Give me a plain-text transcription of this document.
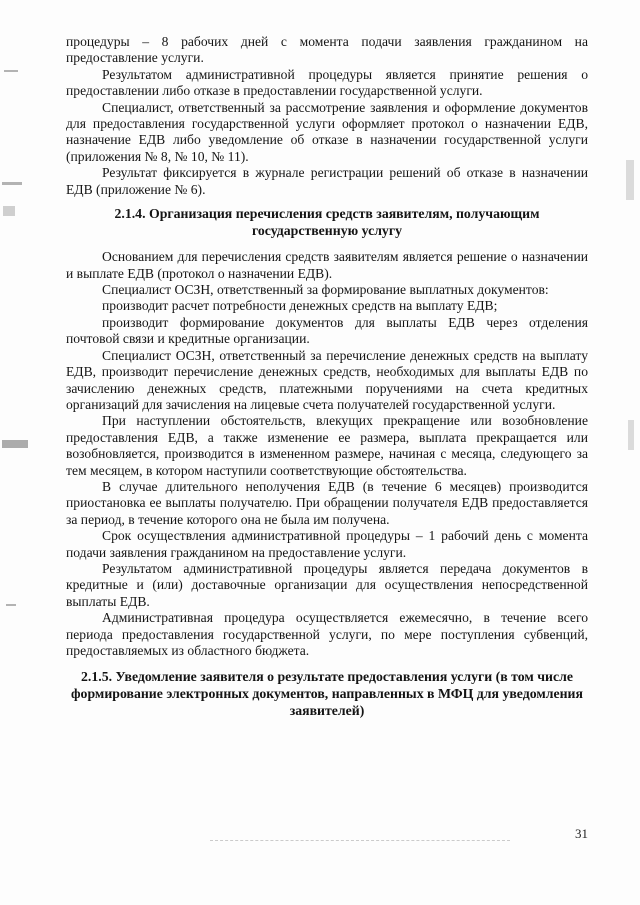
процедуры – 8 рабочих дней с момента подачи заявления гражданином на предоставление услуги.

Результатом административной процедуры является принятие решения о предоставлении либо отказе в предоставлении государственной услуги.

Специалист, ответственный за рассмотрение заявления и оформление документов для предоставления государственной услуги оформляет протокол о назначении ЕДВ, назначение ЕДВ либо уведомление об отказе в назначении государственной услуги (приложения № 8, № 10, № 11).

Результат фиксируется в журнале регистрации решений об отказе в назначении ЕДВ (приложение № 6).

2.1.4. Организация перечисления средств заявителям, получающим государственную услугу

Основанием для перечисления средств заявителям является решение о назначении и выплате ЕДВ (протокол о назначении ЕДВ).

Специалист ОСЗН, ответственный за формирование выплатных документов:

производит расчет потребности денежных средств на выплату ЕДВ;

производит формирование документов для выплаты ЕДВ через отделения почтовой связи и кредитные организации.

Специалист ОСЗН, ответственный за перечисление денежных средств на выплату ЕДВ, производит перечисление денежных средств, необходимых для выплаты ЕДВ по зачислению денежных средств, платежными поручениями на счета кредитных организаций для зачисления на лицевые счета получателей государственной услуги.

При наступлении обстоятельств, влекущих прекращение или возобновление предоставления ЕДВ, а также изменение ее размера, выплата прекращается или возобновляется, производится в измененном размере, начиная с месяца, следующего за тем месяцем, в котором наступили соответствующие обстоятельства.

В случае длительного неполучения ЕДВ (в течение 6 месяцев) производится приостановка ее выплаты получателю. При обращении получателя ЕДВ предоставляется за период, в течение которого она не была им получена.

Срок осуществления административной процедуры – 1 рабочий день с момента подачи заявления гражданином на предоставление услуги.

Результатом административной процедуры является передача документов в кредитные и (или) доставочные организации для осуществления непосредственной выплаты ЕДВ.

Административная процедура осуществляется ежемесячно, в течение всего периода предоставления государственной услуги, по мере поступления субвенций, предоставляемых из областного бюджета.

2.1.5. Уведомление заявителя о результате предоставления услуги (в том числе формирование электронных документов, направленных в МФЦ для уведомления заявителей)
31
